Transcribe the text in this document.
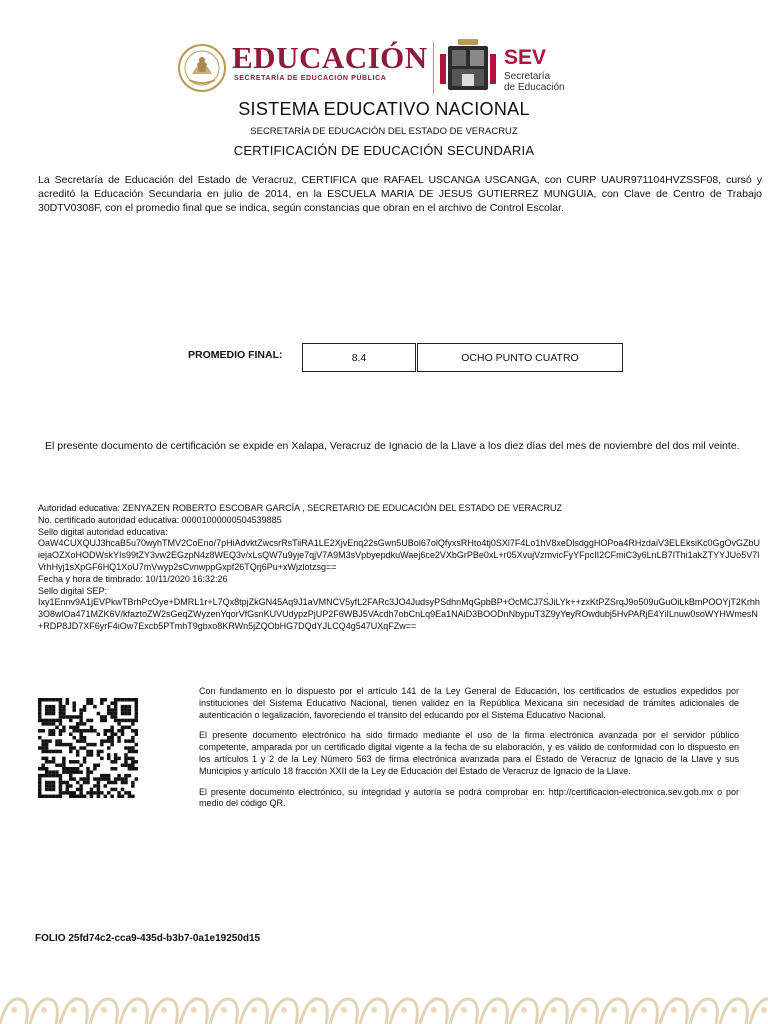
EDUCACIÓN
SECRETARÍA DE EDUCACIÓN PÚBLICA
SEV
Secretaría
de Educación
SISTEMA EDUCATIVO NACIONAL
SECRETARÍA DE EDUCACIÓN DEL ESTADO DE VERACRUZ
CERTIFICACIÓN DE EDUCACIÓN SECUNDARIA

La Secretaría de Educación del Estado de Veracruz, CERTIFICA que RAFAEL USCANGA USCANGA, con CURP UAUR971104HVZSSF08, cursó y acreditó la Educación Secundaria en julio de 2014, en la ESCUELA MARIA DE JESUS GUTIERREZ MUNGUIA, con Clave de Centro de Trabajo 30DTV0308F, con el promedio final que se indica, según constancias que obran en el archivo de Control Escolar.

PROMEDIO FINAL:	8.4	OCHO PUNTO CUATRO

El presente documento de certificación se expide en Xalapa, Veracruz de Ignacio de la Llave a los diez días del mes de noviembre del dos mil veinte.

Autoridad educativa: ZENYAZEN ROBERTO ESCOBAR GARCÍA , SECRETARIO DE EDUCACIÓN DEL ESTADO DE VERACRUZ
No. certificado autoridad educativa: 00001000000504539885
Sello digital autoridad educativa:
OaW4CUXQUJ3hcaB5u70wyhTMV2CoEno/7pHiAdvktZwcsrRsTiiRA1LE2XjvEnq22sGwn5UBol67olQfyxsRHto4tj0SXl7F4Lo1hV8xeDlsdggHOPoa4RHzdaiV3ELEksiKc0GgOvGZbUiejaOZXoHODWskYIs99tZY3vw2EGzpN4z8WEQ3v/xLsQW7u9yje7qjV7A9M3sVpbyepdkuWaej6ce2VXbGrPBe0xL+r05XvujVzmvicFyYFpcII2CFmiC3y6LnLB7IThi1akZTYYJUo5V7lVrhHyj1sXpGF6HQ1XoU7mVwyp2sCvnwppGxpf26TQrj6Pu+xWjzlotzsg==
Fecha y hora de timbrado: 10/11/2020 16:32:26
Sello digital SEP:
Ixy1Ennv9A1jEVPkwTBrhPcOye+DMRL1r+L7Qx8tpjZkGN45Aq9J1aVMNCV5yfL2FARc3JO4JudsyPSdhnMqGpbBP+OcMCJ7SJiLYk++zxKtPZSrqJ9o509uGuOiLkBmPOOYjT2Krhh3O8wlOa471MZK6V/kfaztoZW2sGeqZWyzenYqorVfGsnKUVUdypzPjUP2F6WBJ5VAcdh7obCnLq9Ea1NAiD3BOODnNbypuT3Z9yYeyROwdubj5HvPARjE4YiILnuw0soWYHWmesN+RDP8JD7XF6yrF4iOw7Excb5PTmhT9gbxo8KRWn5jZQObHG7DQdYJLCQ4g547UXqFZw==

Con fundamento en lo dispuesto por el artículo 141 de la Ley General de Educación, los certificados de estudios expedidos por instituciones del Sistema Educativo Nacional, tienen validez en la República Mexicana sin necesidad de trámites adicionales de autenticación o legalización, favoreciendo el tránsito del educando por el Sistema Educativo Nacional.

El presente documento electrónico ha sido firmado mediante el uso de la firma electrónica avanzada por el servidor público competente, amparada por un certificado digital vigente a la fecha de su elaboración, y es válido de conformidad con lo dispuesto en los artículos 1 y 2 de la Ley Número 563 de firma electrónica avanzada para el Estado de Veracruz de Ignacio de la Llave y sus Municipios y artículo 18 fracción XXII de la Ley de Educación del Estado de Veracruz de Ignacio de la Llave.

El presente documento electrónico, su integridad y autoría se podrá comprobar en: http://certificacion-electronica.sev.gob.mx o por medio del código QR.

FOLIO 25fd74c2-cca9-435d-b3b7-0a1e19250d15
